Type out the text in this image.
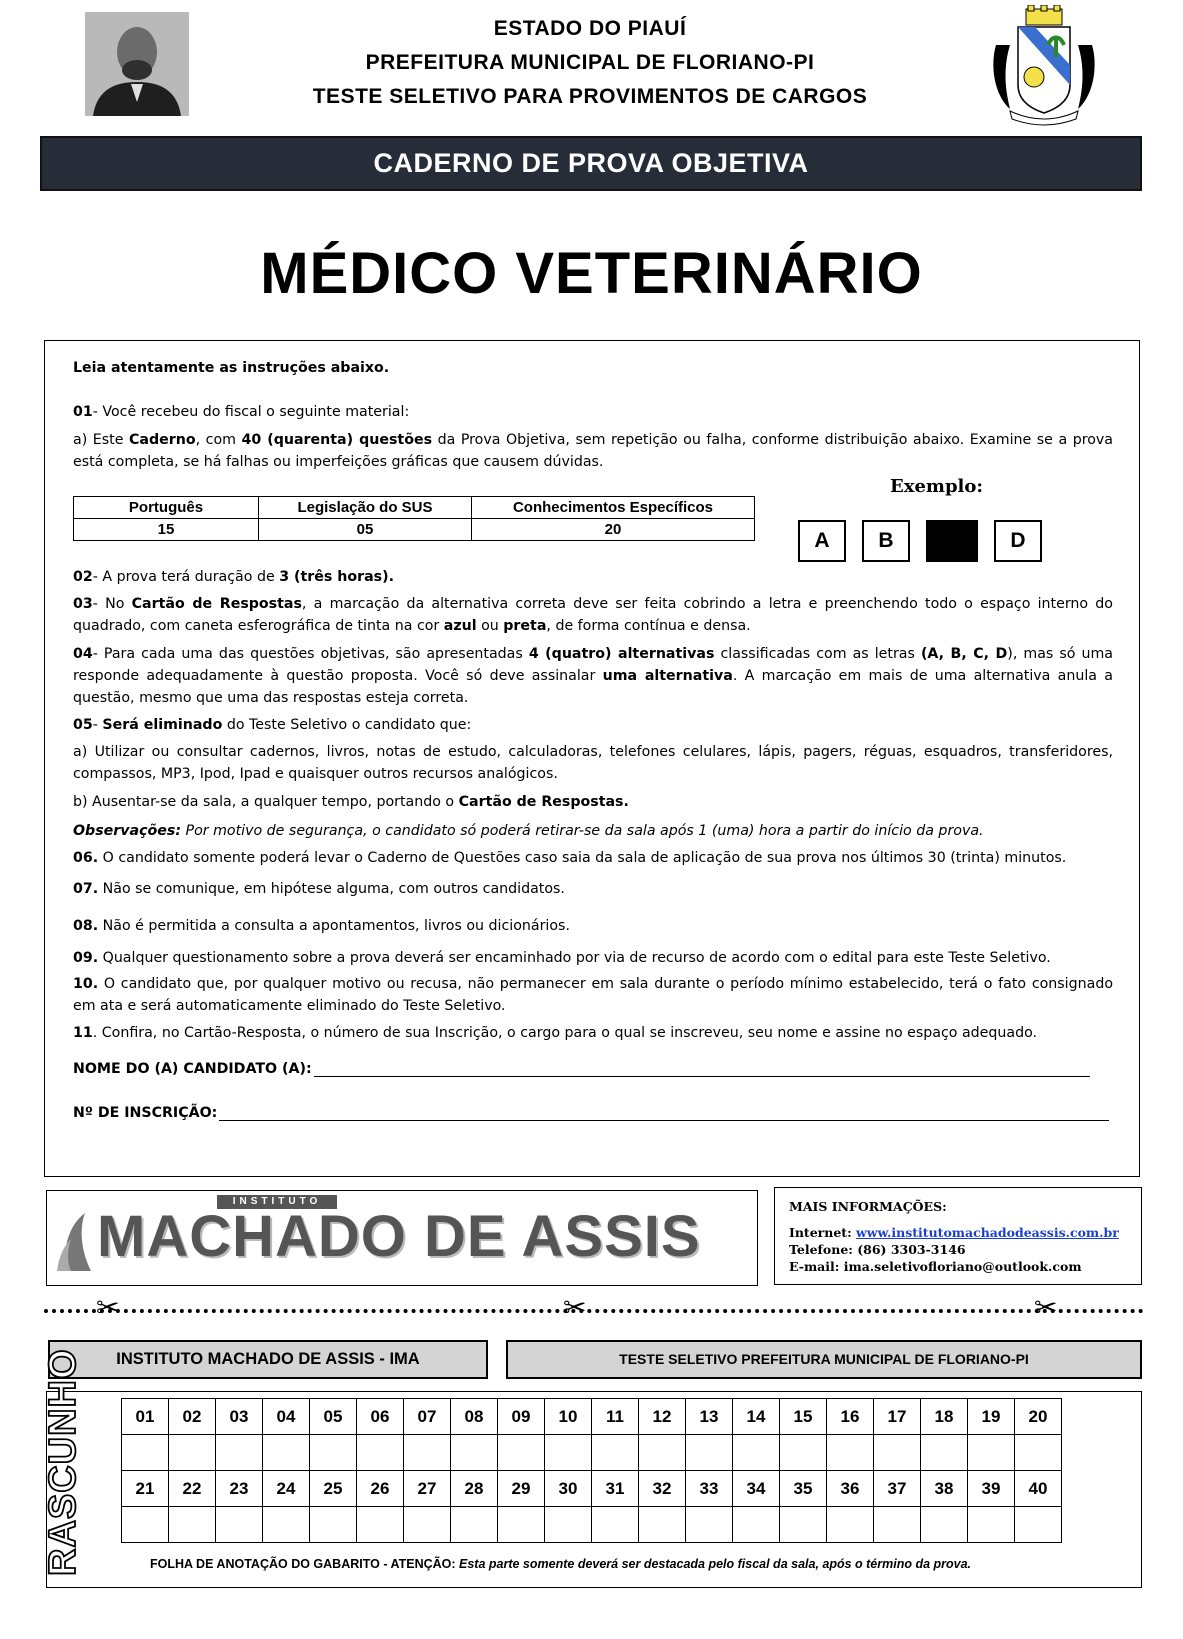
ESTADO DO PIAUÍ
PREFEITURA MUNICIPAL DE FLORIANO-PI
TESTE SELETIVO PARA PROVIMENTOS DE CARGOS
CADERNO DE PROVA OBJETIVA
MÉDICO VETERINÁRIO
Leia atentamente as instruções abaixo.
01- Você recebeu do fiscal o seguinte material:
a) Este Caderno, com 40 (quarenta) questões da Prova Objetiva, sem repetição ou falha, conforme distribuição abaixo. Examine se a prova está completa, se há falhas ou imperfeições gráficas que causem dúvidas.
Português	Legislação do SUS	Conhecimentos Específicos
15	05	20
Exemplo:
A	B	D
02- A prova terá duração de 3 (três horas).
03- No Cartão de Respostas, a marcação da alternativa correta deve ser feita cobrindo a letra e preenchendo todo o espaço interno do quadrado, com caneta esferográfica de tinta na cor azul ou preta, de forma contínua e densa.
04- Para cada uma das questões objetivas, são apresentadas 4 (quatro) alternativas classificadas com as letras (A, B, C, D), mas só uma responde adequadamente à questão proposta. Você só deve assinalar uma alternativa. A marcação em mais de uma alternativa anula a questão, mesmo que uma das respostas esteja correta.
05- Será eliminado do Teste Seletivo o candidato que:
a) Utilizar ou consultar cadernos, livros, notas de estudo, calculadoras, telefones celulares, lápis, pagers, réguas, esquadros, transferidores, compassos, MP3, Ipod, Ipad e quaisquer outros recursos analógicos.
b) Ausentar-se da sala, a qualquer tempo, portando o Cartão de Respostas.
Observações: Por motivo de segurança, o candidato só poderá retirar-se da sala após 1 (uma) hora a partir do início da prova.
06. O candidato somente poderá levar o Caderno de Questões caso saia da sala de aplicação de sua prova nos últimos 30 (trinta) minutos.
07. Não se comunique, em hipótese alguma, com outros candidatos.
08. Não é permitida a consulta a apontamentos, livros ou dicionários.
09. Qualquer questionamento sobre a prova deverá ser encaminhado por via de recurso de acordo com o edital para este Teste Seletivo.
10. O candidato que, por qualquer motivo ou recusa, não permanecer em sala durante o período mínimo estabelecido, terá o fato consignado em ata e será automaticamente eliminado do Teste Seletivo.
11. Confira, no Cartão-Resposta, o número de sua Inscrição, o cargo para o qual se inscreveu, seu nome e assine no espaço adequado.
NOME DO (A) CANDIDATO (A):
Nº DE INSCRIÇÃO:
INSTITUTO
MACHADO DE ASSIS	MAIS INFORMAÇÕES:
Internet: www.institutomachadodeassis.com.br
Telefone: (86) 3303-3146
E-mail: ima.seletivofloriano@outlook.com
✂	✂	✂
INSTITUTO MACHADO DE ASSIS - IMA	TESTE SELETIVO PREFEITURA MUNICIPAL DE FLORIANO-PI
RASCUNHO	01	02	03	04	05	06	07	08	09	10	11	12	13	14	15	16	17	18	19	20

21	22	23	24	25	26	27	28	29	30	31	32	33	34	35	36	37	38	39	40

FOLHA DE ANOTAÇÃO DO GABARITO - ATENÇÃO: Esta parte somente deverá ser destacada pelo fiscal da sala, após o término da prova.
